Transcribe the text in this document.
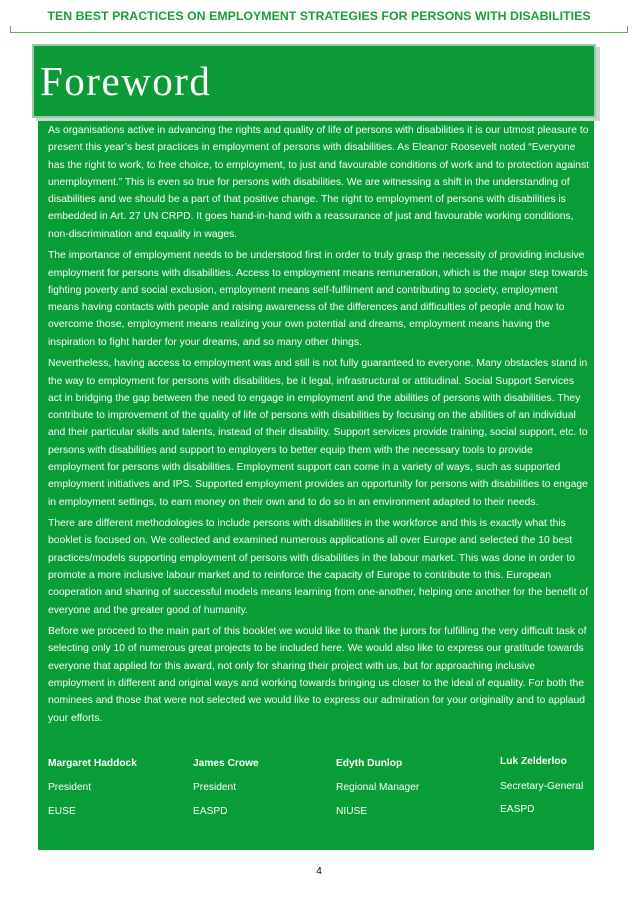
TEN BEST PRACTICES ON EMPLOYMENT STRATEGIES FOR PERSONS WITH DISABILITIES
Foreword

As organisations active in advancing the rights and quality of life of persons with disabilities it is our utmost pleasure to present this year’s best practices in employment of persons with disabilities. As Eleanor Roosevelt noted “Everyone has the right to work, to free choice, to employment, to just and favourable conditions of work and to protection against unemployment.” This is even so true for persons with disabilities. We are witnessing a shift in the understanding of disabilities and we should be a part of that positive change. The right to employment of persons with disabilities is embedded in Art. 27 UN CRPD. It goes hand-in-hand with a reassurance of just and favourable working conditions, non-discrimination and equality in wages.

The importance of employment needs to be understood first in order to truly grasp the necessity of providing inclusive employment for persons with disabilities. Access to employment means remuneration, which is the major step towards fighting poverty and social exclusion, employment means self-fulfilment and contributing to society, employment means having contacts with people and raising awareness of the differences and difficulties of people and how to overcome those, employment means realizing your own potential and dreams, employment means having the inspiration to fight harder for your dreams, and so many other things.

Nevertheless, having access to employment was and still is not fully guaranteed to everyone. Many obstacles stand in the way to employment for persons with disabilities, be it legal, infrastructural or attitudinal. Social Support Services act in bridging the gap between the need to engage in employment and the abilities of persons with disabilities. They contribute to improvement of the quality of life of persons with disabilities by focusing on the abilities of an individual and their particular skills and talents, instead of their disability. Support services provide training, social support, etc. to persons with disabilities and support to employers to better equip them with the necessary tools to provide employment for persons with disabilities. Employment support can come in a variety of ways, such as supported employment initiatives and IPS. Supported employment provides an opportunity for persons with disabilities to engage in employment settings, to earn money on their own and to do so in an environment adapted to their needs.

There are different methodologies to include persons with disabilities in the workforce and this is exactly what this booklet is focused on. We collected and examined numerous applications all over Europe and selected the 10 best practices/models supporting employment of persons with disabilities in the labour market. This was done in order to promote a more inclusive labour market and to reinforce the capacity of Europe to contribute to this. European cooperation and sharing of successful models means learning from one-another, helping one another for the benefit of everyone and the greater good of humanity.

Before we proceed to the main part of this booklet we would like to thank the jurors for fulfilling the very difficult task of selecting only 10 of numerous great projects to be included here. We would also like to express our gratitude towards everyone that applied for this award, not only for sharing their project with us, but for approaching inclusive employment in different and original ways and working towards bringing us closer to the ideal of equality. For both the nominees and those that were not selected we would like to express our admiration for your originality and to applaud your efforts.

Margaret Haddock
President
EUSE
James Crowe
President
EASPD
Edyth Dunlop
Regional Manager
NIUSE
Luk Zelderloo
Secretary-General
EASPD
4
